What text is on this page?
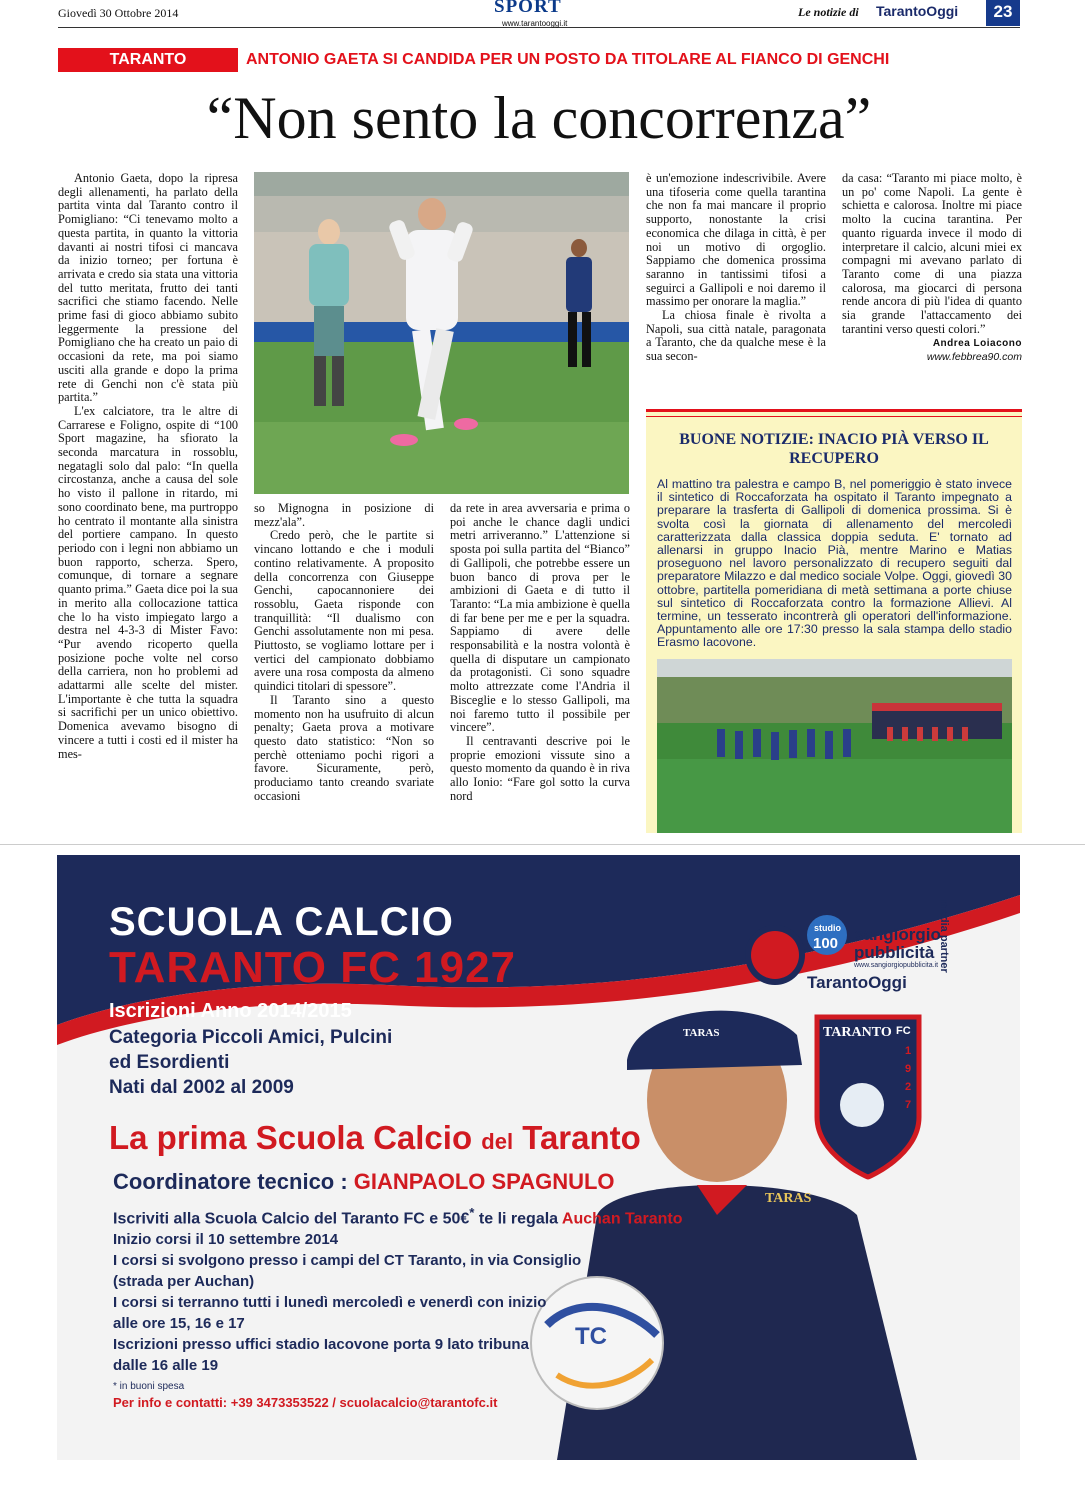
Giovedì 30 Ottobre 2014	SPORT
www.tarantooggi.it
Le notizie di TarantoOggi	23
TARANTO	ANTONIO GAETA SI CANDIDA PER UN POSTO DA TITOLARE AL FIANCO DI GENCHI
“Non sento la concorrenza”

Antonio Gaeta, dopo la ripresa degli allenamenti, ha parlato della partita vinta dal Taranto contro il Pomigliano: “Ci tenevamo molto a questa partita, in quanto la vittoria davanti ai nostri tifosi ci mancava da inizio torneo; per fortuna è arrivata e credo sia stata una vittoria del tutto meritata, frutto dei tanti sacrifici che stiamo facendo. Nelle prime fasi di gioco abbiamo subito leggermente la pressione del Pomigliano che ha creato un paio di occasioni da rete, ma poi siamo usciti alla grande e dopo la prima rete di Genchi non c'è stata più partita.”

L'ex calciatore, tra le altre di Carrarese e Foligno, ospite di “100 Sport magazine, ha sfiorato la seconda marcatura in rossoblu, negatagli solo dal palo: “In quella circostanza, anche a causa del sole ho visto il pallone in ritardo, mi sono coordinato bene, ma purtroppo ho centrato il montante alla sinistra del portiere campano. In questo periodo con i legni non abbiamo un buon rapporto, scherza. Spero, comunque, di tornare a segnare quanto prima.” Gaeta dice poi la sua in merito alla collocazione tattica che lo ha visto impiegato largo a destra nel 4-3-3 di Mister Favo: “Pur avendo ricoperto quella posizione poche volte nel corso della carriera, non ho problemi ad adattarmi alle scelte del mister. L'importante è che tutta la squadra si sacrifichi per un unico obiettivo. Domenica avevamo bisogno di vincere a tutti i costi ed il mister ha mes-

so Mignogna in posizione di mezz'ala”.

Credo però, che le partite si vincano lottando e che i moduli contino relativamente. A proposito della concorrenza con Giuseppe Genchi, capocannoniere dei rossoblu, Gaeta risponde con tranquillità: “Il dualismo con Genchi assolutamente non mi pesa. Piuttosto, se vogliamo lottare per i vertici del campionato dobbiamo avere una rosa composta da almeno quindici titolari di spessore”.

Il Taranto sino a questo momento non ha usufruito di alcun penalty; Gaeta prova a motivare questo dato statistico: “Non so perchè otteniamo pochi rigori a favore. Sicuramente, però, produciamo tanto creando svariate occasioni

da rete in area avversaria e prima o poi anche le chance dagli undici metri arriveranno.” L'attenzione si sposta poi sulla partita del “Bianco” di Gallipoli, che potrebbe essere un buon banco di prova per le ambizioni di Gaeta e di tutto il Taranto: “La mia ambizione è quella di far bene per me e per la squadra. Sappiamo di avere delle responsabilità e la nostra volontà è quella di disputare un campionato da protagonisti. Ci sono squadre molto attrezzate come l'Andria il Bisceglie e lo stesso Gallipoli, ma noi faremo tutto il possibile per vincere”.

Il centravanti descrive poi le proprie emozioni vissute sino a questo momento da quando è in riva allo Ionio: “Fare gol sotto la curva nord

è un'emozione indescrivibile. Avere una tifoseria come quella tarantina che non fa mai mancare il proprio supporto, nonostante la crisi economica che dilaga in città, è per noi un motivo di orgoglio. Sappiamo che domenica prossima saranno in tantissimi tifosi a seguirci a Gallipoli e noi daremo il massimo per onorare la maglia.”

La chiosa finale è rivolta a Napoli, sua città natale, paragonata a Taranto, che da qualche mese è la sua secon-

da casa: “Taranto mi piace molto, è un po' come Napoli. La gente è schietta e calorosa. Inoltre mi piace molto la cucina tarantina. Per quanto riguarda invece il modo di interpretare il calcio, alcuni miei ex compagni mi avevano parlato di Taranto come di una piazza calorosa, ma giocarci di persona rende ancora di più l'idea di quanto sia grande l'attaccamento dei tarantini verso questi colori.”

Andrea Loiacono
www.febbrea90.com
BUONE NOTIZIE: INACIO PIÀ VERSO IL RECUPERO
Al mattino tra palestra e campo B, nel pomeriggio è stato invece il sintetico di Roccaforzata ha ospitato il Taranto impegnato a preparare la trasferta di Gallipoli di domenica prossima. Si è svolta così la giornata di allenamento del mercoledì caratterizzata dalla classica doppia seduta. E' tornato ad allenarsi in gruppo Inacio Pià, mentre Marino e Matias proseguono nel lavoro personalizzato di recupero seguiti dal preparatore Milazzo e dal medico sociale Volpe. Oggi, giovedì 30 ottobre, partitella pomeridiana di metà settimana a porte chiuse sul sintetico di Roccaforzata contro la formazione Allievi. Al termine, un tesserato incontrerà gli operatori dell'informazione. Appuntamento alle ore 17:30 presso la sala stampa dello stadio Erasmo Iacovone.
SCUOLA CALCIO
TARANTO FC 1927
Iscrizioni Anno 2014/2015
Categoria Piccoli Amici, Pulcini
ed Esordienti
Nati dal 2002 al 2009
La prima Scuola Calcio del Taranto
Coordinatore tecnico : GIANPAOLO SPAGNULO
Iscriviti alla Scuola Calcio del Taranto FC e 50€* te li regala Auchan Taranto
Inizio corsi il 10 settembre 2014
I corsi si svolgono presso i campi del CT Taranto, in via Consiglio
(strada per Auchan)
I corsi si terranno tutti i lunedì mercoledì e venerdì con inizio
alle ore 15, 16 e 17
Iscrizioni presso uffici stadio Iacovone porta 9 lato tribuna
dalle 16 alle 19
* in buoni spesa
Per info e contatti: +39 3473353522 / scuolacalcio@tarantofc.it
media partner
sangiorgio
pubblicità
www.sangiorgiopubblicita.it
studio
100
TarantoOggi
TARANTO FC
1
9
2
7
TARAS
TARAS
TC
